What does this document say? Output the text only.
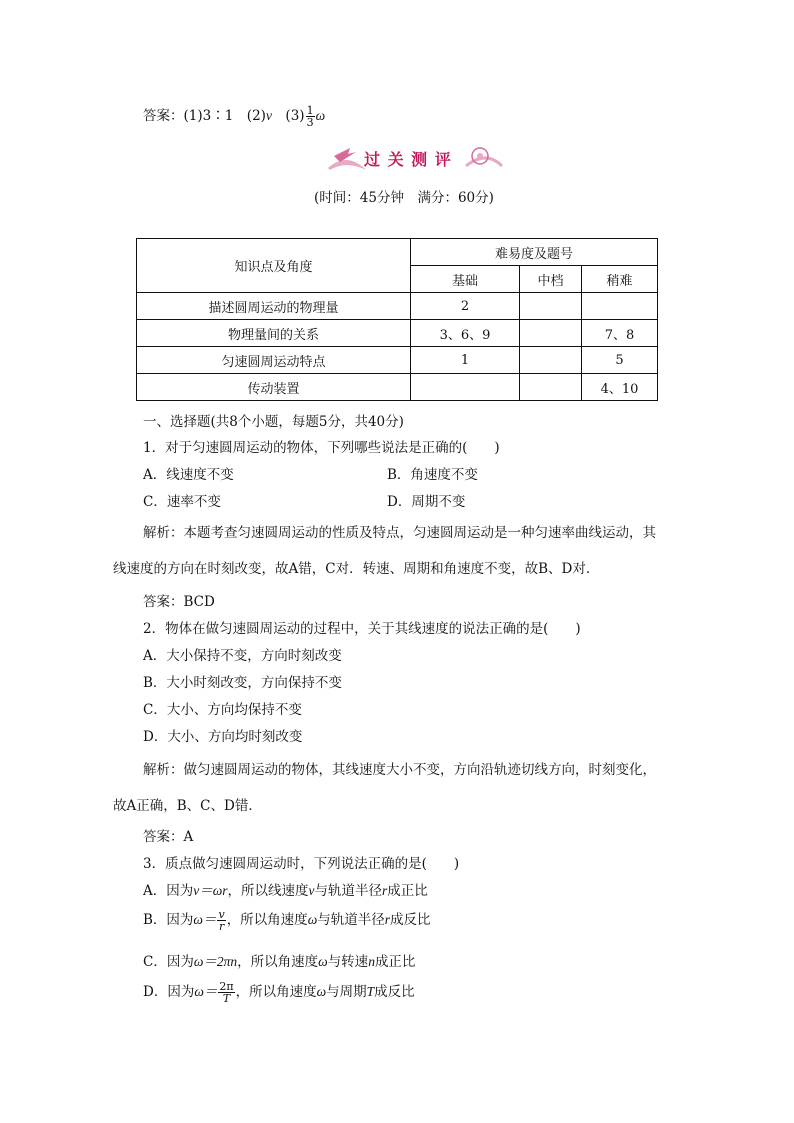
答案：(1)3∶1　(2)v　$(3) \frac{1}{3}$ ω
过 关 测 评
(时间：45分钟　满分：60分)
知识点及角度	难易度及题号		
	基础	中档	稍难
描述圆周运动的物理量	2		
物理量间的关系	3、6、9		7、8
匀速圆周运动特点	1		5
传动装置			4、10
一、选择题(共8个小题，每题5分，共40分)
1．对于匀速圆周运动的物体，下列哪些说法是正确的(　　)
A．线速度不变	B．角速度不变
C．速率不变	D．周期不变
解析：本题考查匀速圆周运动的性质及特点，匀速圆周运动是一种匀速率曲线运动，其
线速度的方向在时刻改变，故A错，C对．转速、周期和角速度不变，故B、D对．
答案：BCD
2．物体在做匀速圆周运动的过程中，关于其线速度的说法正确的是(　　)
A．大小保持不变，方向时刻改变
B．大小时刻改变，方向保持不变
C．大小、方向均保持不变
D．大小、方向均时刻改变
解析：做匀速圆周运动的物体，其线速度大小不变，方向沿轨迹切线方向，时刻变化，
故A正确，B、C、D错．
答案：A
3．质点做匀速圆周运动时，下列说法正确的是(　　)
A．因为v＝ωr，所以线速度v与轨道半径r成正比
B．因为$\omega= \frac{v}{r}$ ，所以角速度ω与轨道半径r成反比
C．因为ω＝2πn，所以角速度ω与转速n成正比
D．因为$\omega= \frac{2\pi}{T}$ ，所以角速度ω与周期T成反比
